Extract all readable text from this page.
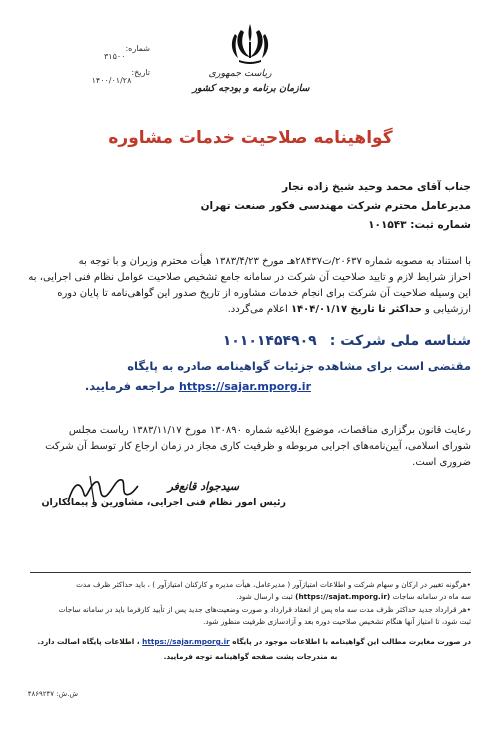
شماره:
۳۱۵۰۰
تاریخ:
۱۴۰۰/۰۱/۲۸
ریاست جمهوری
سازمان برنامه و بودجه کشور
گواهینامه صلاحیت خدمات مشاوره
جناب آقای محمد وحید شیخ زاده نجار
مدیرعامل محترم شرکت مهندسی فکور صنعت تهران
شماره ثبت: ۱۰۱۵۴۳
با استناد به مصوبه شماره ۲۰۶۳۷/ت۲۸۴۳۷هـ مورخ ۱۳۸۳/۴/۲۳ هیأت محترم وزیران و با توجه به
احراز شرایط لازم و تایید صلاحیت آن شرکت در سامانه جامع تشخیص صلاحیت عوامل نظام فنی اجرایی، به
این وسیله صلاحیت آن شرکت برای انجام خدمات مشاوره از تاریخ صدور این گواهی‌نامه تا پایان دوره
ارزشیابی و حداکثر تا تاریخ ۱۴۰۴/۰۱/۱۷ اعلام می‌گردد.
شناسه ملی شرکت : ۱۰۱۰۱۴۵۴۹۰۹
مقتضی است برای مشاهده جزئیات گواهینامه صادره به پایگاه
https://sajar.mporg.ir مراجعه فرمایید.
رعایت قانون برگزاری مناقصات، موضوع ابلاغیه شماره ۱۳۰۸۹۰ مورخ ۱۳۸۳/۱۱/۱۷ ریاست مجلس
شورای اسلامی، آیین‌نامه‌های اجرایی مربوطه و ظرفیت کاری مجاز در زمان ارجاع کار توسط آن شرکت
ضروری است.
سیدجواد قانع‌فر
رئیس امور نظام فنی اجرایی، مشاورین و پیمانکاران
•هرگونه تغییر در ارکان و سهام شرکت و اطلاعات امتیازآور ( مدیرعامل، هیأت مدیره و کارکنان امتیازآور ) ، باید حداکثر ظرف مدت
سه ماه در سامانه ساجات (https://sajat.mporg.ir) ثبت و ارسال شود.
•هر قرارداد جدید حداکثر ظرف مدت سه ماه پس از انعقاد قرارداد و صورت وضعیت‌های جدید پس از تأیید کارفرما باید در سامانه ساجات
ثبت شود، تا امتیاز آنها هنگام تشخیص صلاحیت دوره بعد و آزادسازی ظرفیت منظور شود.
در صورت مغایرت مطالب این گواهینامه با اطلاعات موجود در پایگاه https://sajar.mporg.ir ، اطلاعات پایگاه اصالت دارد.
به مندرجات پشت صفحه گواهینامه توجه فرمایید.
ش.ش: ۴۸۶۹۲۴۷
